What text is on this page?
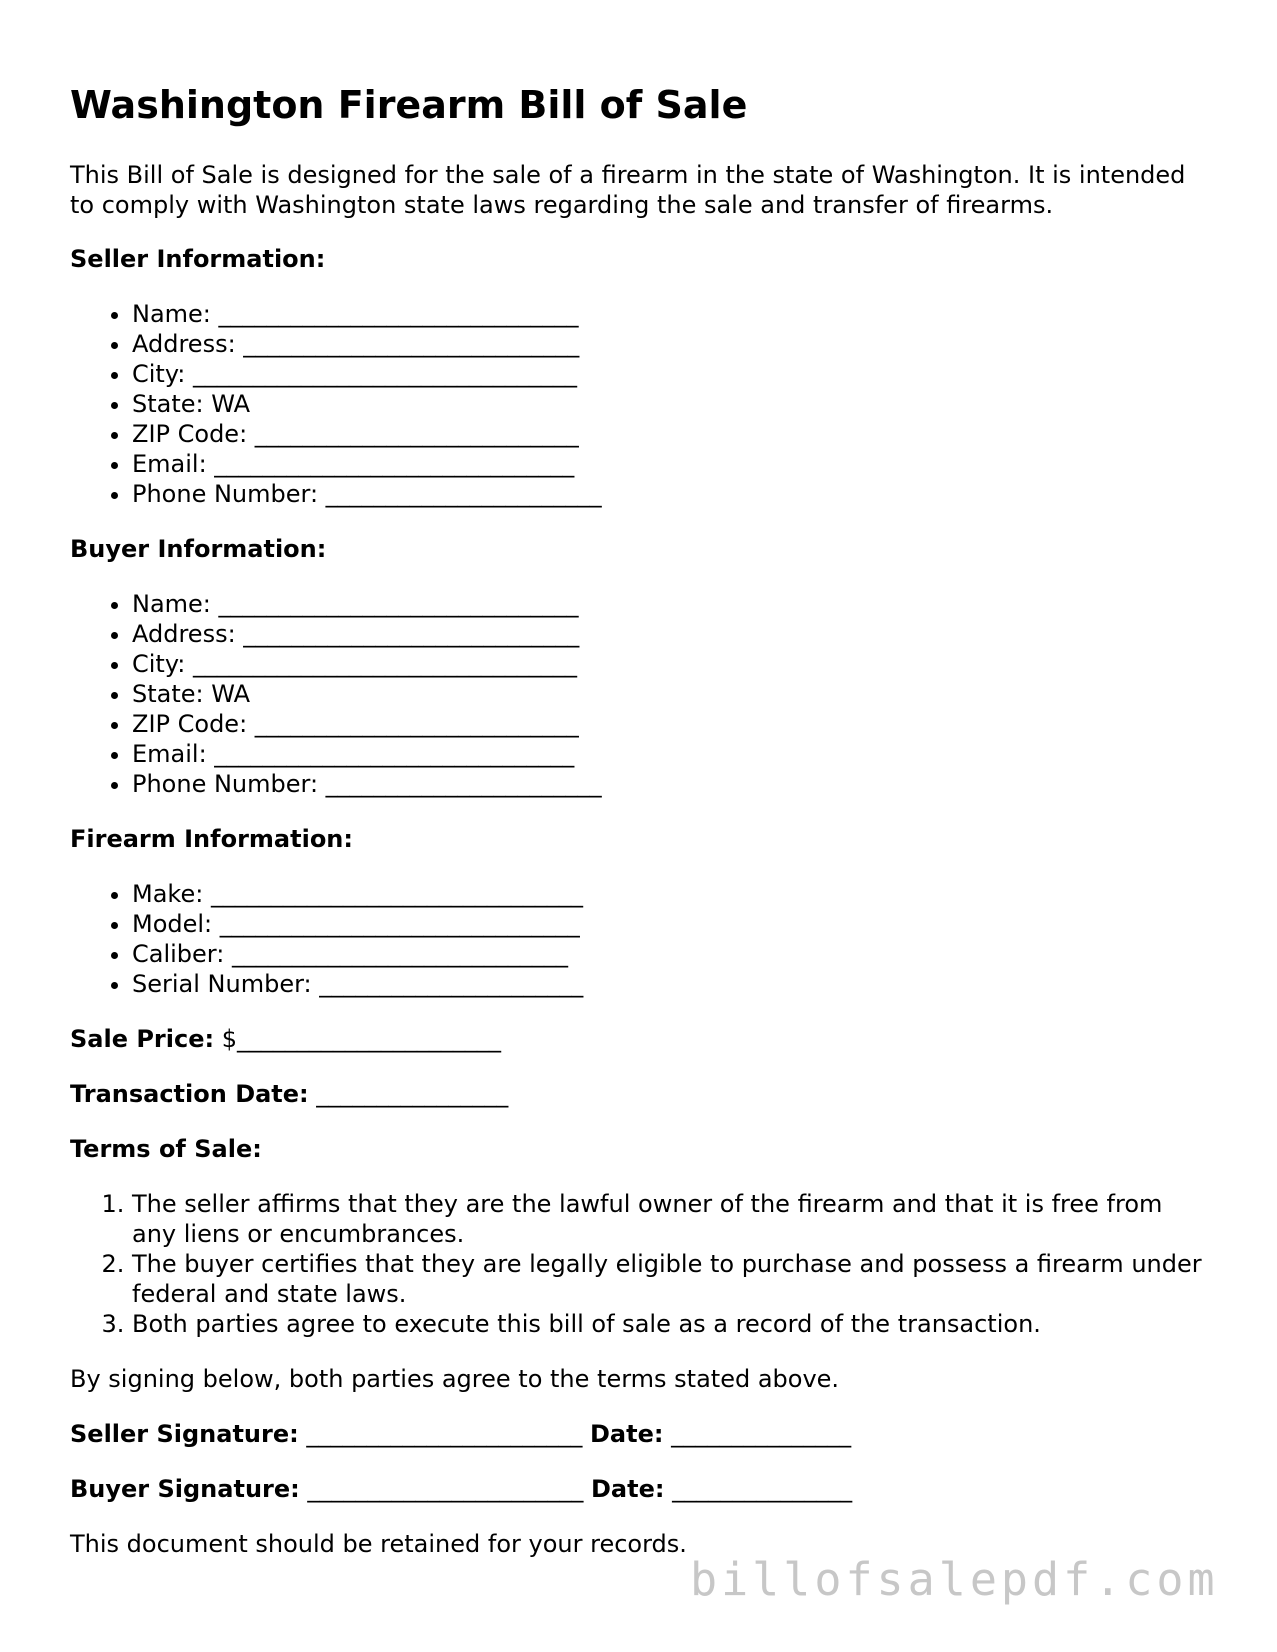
Washington Firearm Bill of Sale

This Bill of Sale is designed for the sale of a firearm in the state of Washington. It is intended to comply with Washington state laws regarding the sale and transfer of firearms.

Seller Information:
• Name: ______________________________
• Address: ____________________________
• City: ________________________________
• State: WA
• ZIP Code: ___________________________
• Email: ______________________________
• Phone Number: _______________________
Buyer Information:
• Name: ______________________________
• Address: ____________________________
• City: ________________________________
• State: WA
• ZIP Code: ___________________________
• Email: ______________________________
• Phone Number: _______________________
Firearm Information:
• Make: _______________________________
• Model: ______________________________
• Caliber: ____________________________
• Serial Number: ______________________
Sale Price: $______________________
Transaction Date: ________________
Terms of Sale:
1. The seller affirms that they are the lawful owner of the firearm and that it is free from any liens or encumbrances.
2. The buyer certifies that they are legally eligible to purchase and possess a firearm under federal and state laws.
3. Both parties agree to execute this bill of sale as a record of the transaction.

By signing below, both parties agree to the terms stated above.

Seller Signature: _______________________ Date: _______________
Buyer Signature: _______________________ Date: _______________

This document should be retained for your records.

billofsalepdf.com
